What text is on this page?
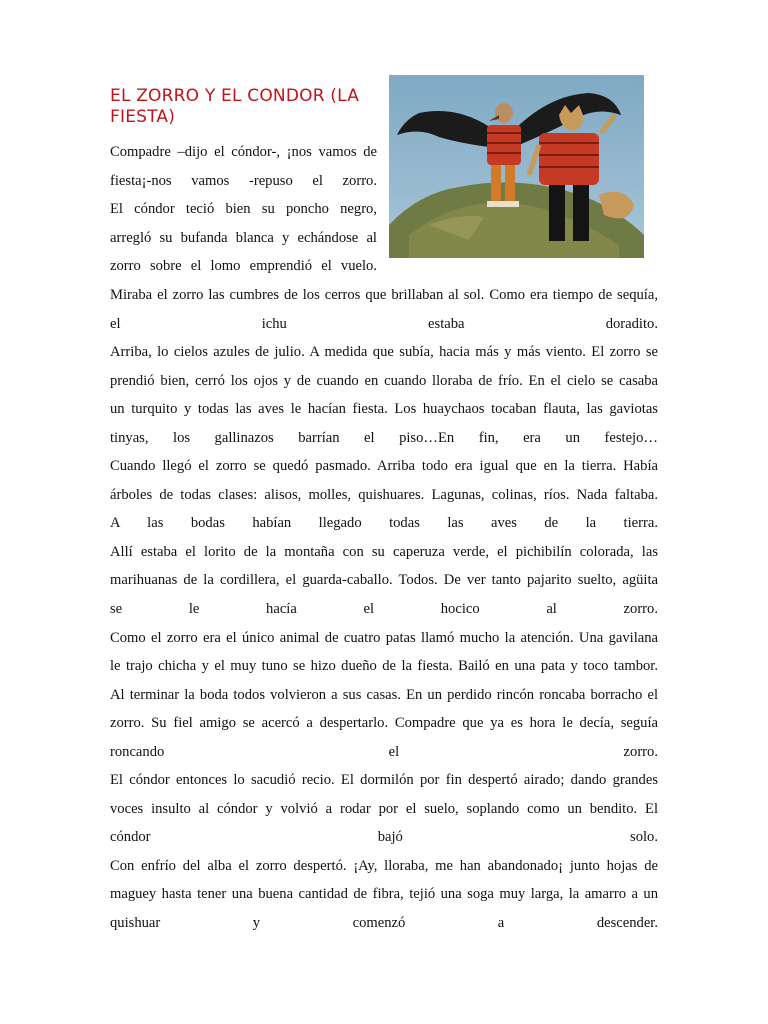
EL ZORRO Y EL CONDOR (LA FIESTA)
Compadre –dijo el cóndor-, ¡nos vamos de
fiesta¡-nos vamos -repuso el zorro.
El cóndor teció bien su poncho negro,
arregló su bufanda blanca y echándose al
zorro sobre el lomo emprendió el vuelo.
Miraba el zorro las cumbres de los cerros que brillaban al sol. Como era tiempo de sequía,
el ichu estaba doradito.
Arriba, lo cielos azules de julio. A medida que subía, hacia más y más viento. El zorro se
prendió bien, cerró los ojos y de cuando en cuando lloraba de frío. En el cielo se casaba
un turquito y todas las aves le hacían fiesta. Los huaychaos tocaban flauta, las gaviotas
tinyas, los gallinazos barrían el piso…En fin, era un festejo…
Cuando llegó el zorro se quedó pasmado. Arriba todo era igual que en la tierra. Había
árboles de todas clases: alisos, molles, quishuares. Lagunas, colinas, ríos. Nada faltaba.
A las bodas habían llegado todas las aves de la tierra.
Allí estaba el lorito de la montaña con su caperuza verde, el pichibilín colorada, las
marihuanas de la cordillera, el guarda-caballo. Todos. De ver tanto pajarito suelto, agüita
se le hacía el hocico al zorro.
Como el zorro era el único animal de cuatro patas llamó mucho la atención. Una gavilana
le trajo chicha y el muy tuno se hizo dueño de la fiesta. Bailó en una pata y toco tambor.
Al terminar la boda todos volvieron a sus casas. En un perdido rincón roncaba borracho el
zorro. Su fiel amigo se acercó a despertarlo. Compadre que ya es hora le decía, seguía
roncando el zorro.
El cóndor entonces lo sacudió recio. El dormilón por fin despertó airado; dando grandes
voces insulto al cóndor y volvió a rodar por el suelo, soplando como un bendito. El
cóndor bajó solo.
Con enfrío del alba el zorro despertó. ¡Ay, lloraba, me han abandonado¡ junto hojas de
maguey hasta tener una buena cantidad de fibra, tejió una soga muy larga, la amarro a un
quishuar y comenzó a descender.
